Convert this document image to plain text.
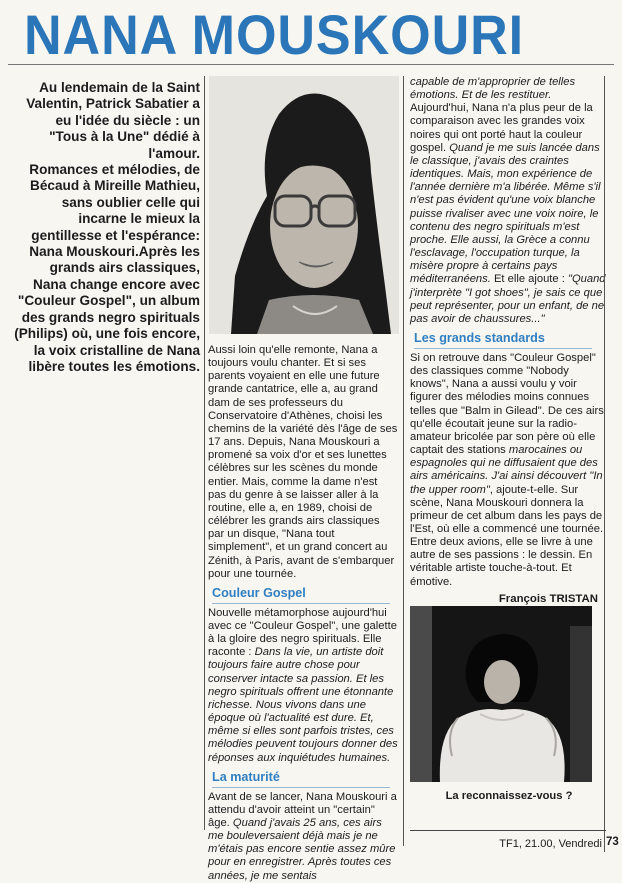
NANA MOUSKOURI

Au lendemain de la Saint Valentin, Patrick Sabatier a eu l'idée du siècle : un "Tous à la Une" dédié à l'amour.

Romances et mélodies, de Bécaud à Mireille Mathieu, sans oublier celle qui incarne le mieux la gentillesse et l'espérance: Nana Mouskouri.Après les grands airs classiques, Nana change encore avec "Couleur Gospel", un album des grands negro spirituals (Philips) où, une fois encore, la voix cristalline de Nana libère toutes les émotions.

Aussi loin qu'elle remonte, Nana a toujours voulu chanter. Et si ses parents voyaient en elle une future grande cantatrice, elle a, au grand dam de ses professeurs du Conservatoire d'Athènes, choisi les chemins de la variété dès l'âge de ses 17 ans. Depuis, Nana Mouskouri a promené sa voix d'or et ses lunettes célèbres sur les scènes du monde entier. Mais, comme la dame n'est pas du genre à se laisser aller à la routine, elle a, en 1989, choisi de célébrer les grands airs classiques par un disque, "Nana tout simplement", et un grand concert au Zénith, à Paris, avant de s'embarquer pour une tournée.

Couleur Gospel

Nouvelle métamorphose aujourd'hui avec ce "Couleur Gospel", une galette à la gloire des negro spirituals. Elle raconte : Dans la vie, un artiste doit toujours faire autre chose pour conserver intacte sa passion. Et les negro spirituals offrent une étonnante richesse. Nous vivons dans une époque où l'actualité est dure. Et, même si elles sont parfois tristes, ces mélodies peuvent toujours donner des réponses aux inquiétudes humaines.

La maturité

Avant de se lancer, Nana Mouskouri a attendu d'avoir atteint un "certain" âge. Quand j'avais 25 ans, ces airs me bouleversaient déjà mais je ne m'étais pas encore sentie assez mûre pour en enregistrer. Après toutes ces années, je me sentais

capable de m'approprier de telles émotions. Et de les restituer.

Aujourd'hui, Nana n'a plus peur de la comparaison avec les grandes voix noires qui ont porté haut la couleur gospel. Quand je me suis lancée dans le classique, j'avais des craintes identiques. Mais, mon expérience de l'année dernière m'a libérée. Même s'il n'est pas évident qu'une voix blanche puisse rivaliser avec une voix noire, le contenu des negro spirituals m'est proche. Elle aussi, la Grèce a connu l'esclavage, l'occupation turque, la misère propre à certains pays méditerranéens. Et elle ajoute : "Quand j'interprète "I got shoes", je sais ce que peut représenter, pour un enfant, de ne pas avoir de chaussures..."

Les grands standards

Si on retrouve dans "Couleur Gospel" des classiques comme "Nobody knows", Nana a aussi voulu y voir figurer des mélodies moins connues telles que "Balm in Gilead". De ces airs qu'elle écoutait jeune sur la radio-amateur bricolée par son père où elle captait des stations marocaines ou espagnoles qui ne diffusaient que des airs américains. J'ai ainsi découvert "In the upper room", ajoute-t-elle. Sur scène, Nana Mouskouri donnera la primeur de cet album dans les pays de l'Est, où elle a commencé une tournée. Entre deux avions, elle se livre à une autre de ses passions : le dessin. En véritable artiste touche-à-tout. Et émotive.

François TRISTAN

La reconnaissez-vous ?
TF1, 21.00, Vendredi 73
